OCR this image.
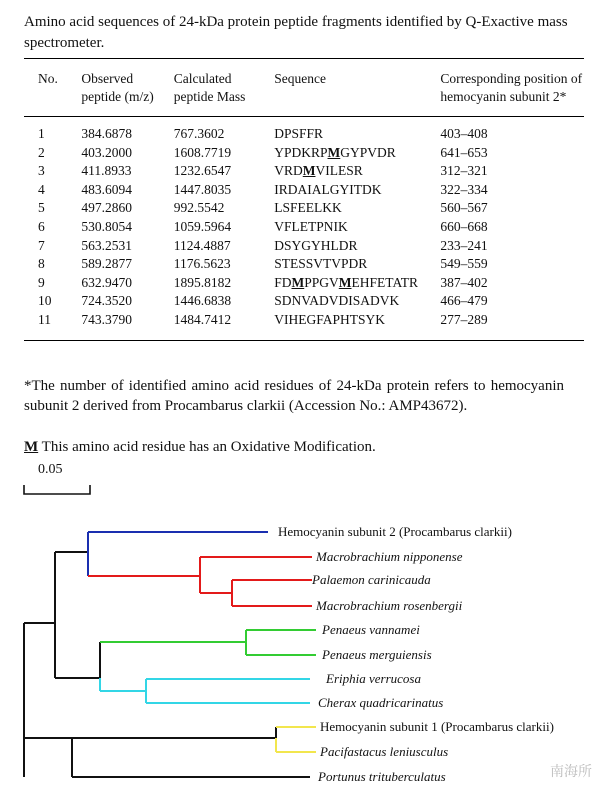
Amino acid sequences of 24-kDa protein peptide fragments identified by Q-Exactive mass spectrometer.
No.	Observed peptide (m/z)	Calculated peptide Mass	Sequence	Corresponding position of hemocyanin subunit 2*
1	384.6878	767.3602	DPSFFR	403–408
2	403.2000	1608.7719	YPDKRPMGYPVDR	641–653
3	411.8933	1232.6547	VRDMVILESR	312–321
4	483.6094	1447.8035	IRDAIALGYITDK	322–334
5	497.2860	992.5542	LSFEELKK	560–567
6	530.8054	1059.5964	VFLETPNIK	660–668
7	563.2531	1124.4887	DSYGYHLDR	233–241
8	589.2877	1176.5623	STESSVTVPDR	549–559
9	632.9470	1895.8182	FDMPPGVMEHFETATR	387–402
10	724.3520	1446.6838	SDNVADVDISADVK	466–479
11	743.3790	1484.7412	VIHEGFAPHTSYK	277–289
*The number of identified amino acid residues of 24-kDa protein refers to hemocyanin subunit 2 derived from Procambarus clarkii (Accession No.: AMP43672).
M This amino acid residue has an Oxidative Modification.
0.05
Hemocyanin subunit 2 (Procambarus clarkii)
Macrobrachium nipponense
Palaemon carinicauda
Macrobrachium rosenbergii
Penaeus vannamei
Penaeus merguiensis
Eriphia verrucosa
Cherax quadricarinatus
Hemocyanin subunit 1 (Procambarus clarkii)
Pacifastacus leniusculus
Portunus trituberculatus	南海所
